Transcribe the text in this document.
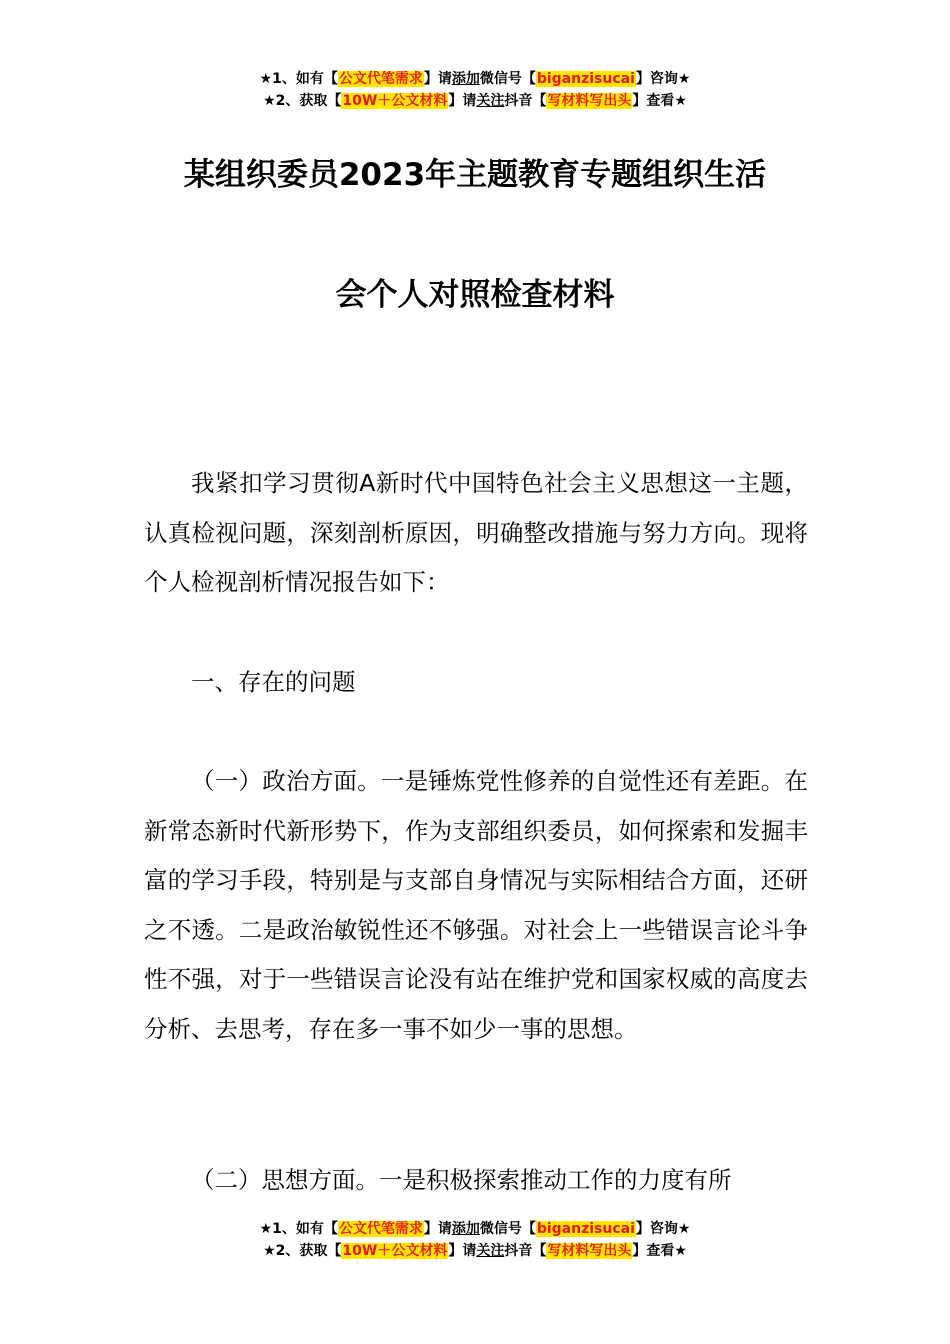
★1、如有【公文代笔需求】请添加微信号【biganzisucai】咨询★
★2、获取【10W＋公文材料】请关注抖音【写材料写出头】查看★
某组织委员2023年主题教育专题组织生活
会个人对照检查材料
我紧扣学习贯彻A新时代中国特色社会主义思想这一主题，认真检视问题，深刻剖析原因，明确整改措施与努力方向。现将个人检视剖析情况报告如下：
一、存在的问题
（一）政治方面。一是锤炼党性修养的自觉性还有差距。在新常态新时代新形势下，作为支部组织委员，如何探索和发掘丰富的学习手段，特别是与支部自身情况与实际相结合方面，还研之不透。二是政治敏锐性还不够强。对社会上一些错误言论斗争性不强，对于一些错误言论没有站在维护党和国家权威的高度去分析、去思考，存在多一事不如少一事的思想。
（二）思想方面。一是积极探索推动工作的力度有所
★1、如有【公文代笔需求】请添加微信号【biganzisucai】咨询★
★2、获取【10W＋公文材料】请关注抖音【写材料写出头】查看★
